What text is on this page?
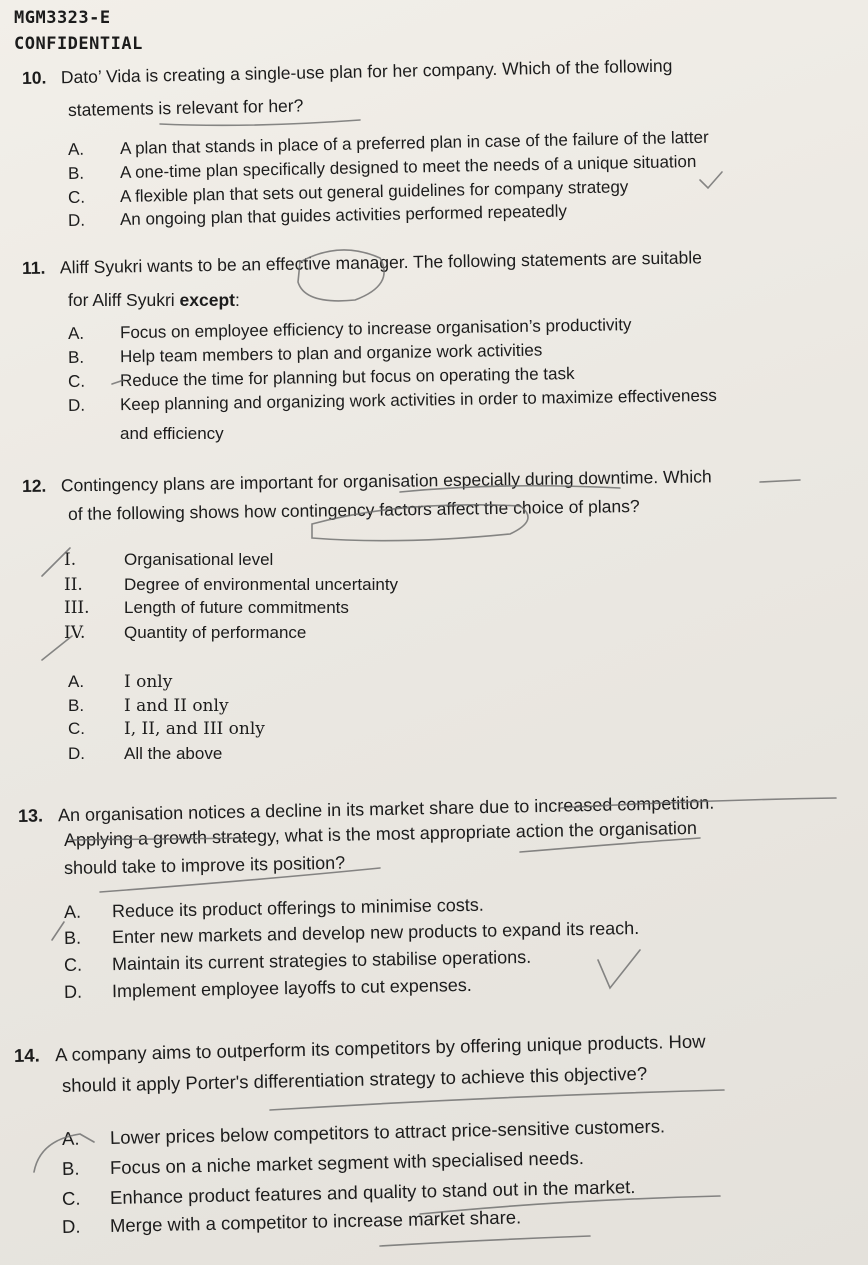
MGM3323-E
CONFIDENTIAL
10. Dato’ Vida is creating a single-use plan for her company. Which of the following
statements is relevant for her?
A. A plan that stands in place of a preferred plan in case of the failure of the latter
B. A one-time plan specifically designed to meet the needs of a unique situation
C. A flexible plan that sets out general guidelines for company strategy
D. An ongoing plan that guides activities performed repeatedly
11. Aliff Syukri wants to be an effective manager. The following statements are suitable
for Aliff Syukri except:
A. Focus on employee efficiency to increase organisation’s productivity
B. Help team members to plan and organize work activities
C. Reduce the time for planning but focus on operating the task
D. Keep planning and organizing work activities in order to maximize effectiveness
and efficiency
12. Contingency plans are important for organisation especially during downtime. Which
of the following shows how contingency factors affect the choice of plans?
I.	Organisational level
II. Degree of environmental uncertainty
III. Length of future commitments
IV. Quantity of performance
A. I only
B. I and II only
C. I, II, and III only
D. All the above
13. An organisation notices a decline in its market share due to increased competition.
Applying a growth strategy, what is the most appropriate action the organisation
should take to improve its position?
A. Reduce its product offerings to minimise costs.
B. Enter new markets and develop new products to expand its reach.
C. Maintain its current strategies to stabilise operations.
D. Implement employee layoffs to cut expenses.
14. A company aims to outperform its competitors by offering unique products. How
should it apply Porter's differentiation strategy to achieve this objective?
A. Lower prices below competitors to attract price-sensitive customers.
B. Focus on a niche market segment with specialised needs.
C. Enhance product features and quality to stand out in the market.
D. Merge with a competitor to increase market share.
